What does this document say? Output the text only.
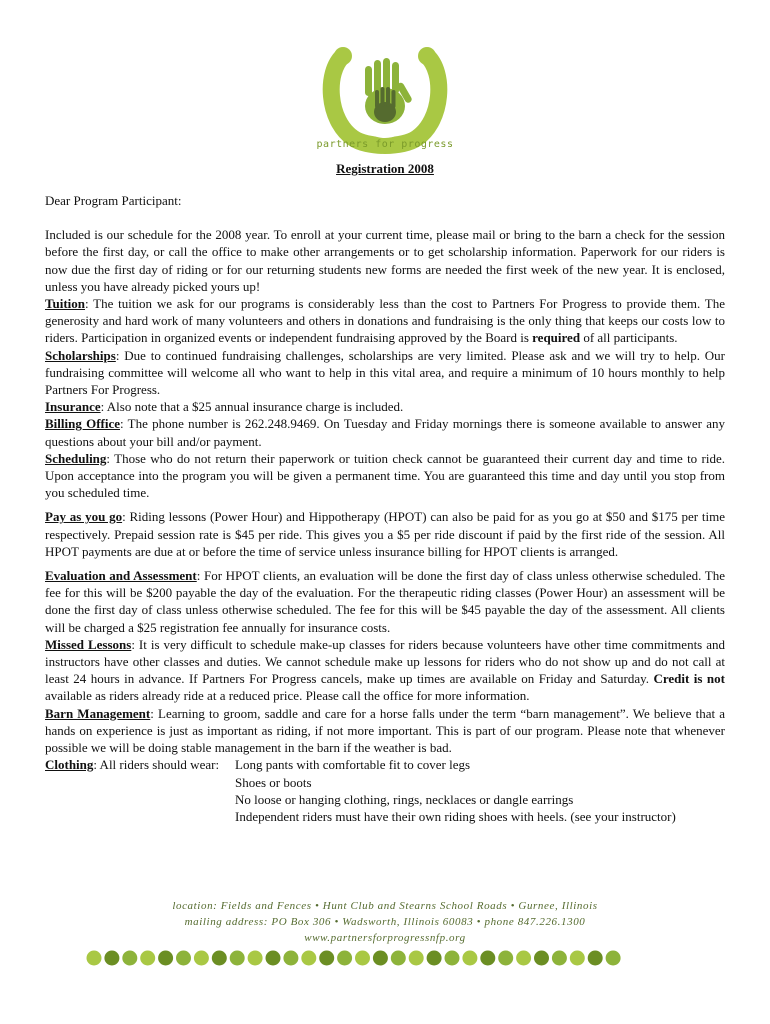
partners for progress
Registration 2008

Dear Program Participant:

Included is our schedule for the 2008 year. To enroll at your current time, please mail or bring to the barn a check for the session before the first day, or call the office to make other arrangements or to get scholarship information. Paperwork for our riders is now due the first day of riding or for our returning students new forms are needed the first week of the new year. It is enclosed, unless you have already picked yours up!

Tuition: The tuition we ask for our programs is considerably less than the cost to Partners For Progress to provide them. The generosity and hard work of many volunteers and others in donations and fundraising is the only thing that keeps our costs low to riders. Participation in organized events or independent fundraising approved by the Board is required of all participants.

Scholarships: Due to continued fundraising challenges, scholarships are very limited. Please ask and we will try to help. Our fundraising committee will welcome all who want to help in this vital area, and require a minimum of 10 hours monthly to help Partners For Progress.

Insurance: Also note that a $25 annual insurance charge is included.

Billing Office: The phone number is 262.248.9469. On Tuesday and Friday mornings there is someone available to answer any questions about your bill and/or payment.

Scheduling: Those who do not return their paperwork or tuition check cannot be guaranteed their current day and time to ride. Upon acceptance into the program you will be given a permanent time. You are guaranteed this time and day until you stop from you scheduled time.

Pay as you go: Riding lessons (Power Hour) and Hippotherapy (HPOT) can also be paid for as you go at $50 and $175 per time respectively. Prepaid session rate is $45 per ride. This gives you a $5 per ride discount if paid by the first ride of the session. All HPOT payments are due at or before the time of service unless insurance billing for HPOT clients is arranged.

Evaluation and Assessment: For HPOT clients, an evaluation will be done the first day of class unless otherwise scheduled. The fee for this will be $200 payable the day of the evaluation. For the therapeutic riding classes (Power Hour) an assessment will be done the first day of class unless otherwise scheduled. The fee for this will be $45 payable the day of the assessment. All clients will be charged a $25 registration fee annually for insurance costs.

Missed Lessons: It is very difficult to schedule make-up classes for riders because volunteers have other time commitments and instructors have other classes and duties. We cannot schedule make up lessons for riders who do not show up and do not call at least 24 hours in advance. If Partners For Progress cancels, make up times are available on Friday and Saturday. Credit is not available as riders already ride at a reduced price. Please call the office for more information.

Barn Management: Learning to groom, saddle and care for a horse falls under the term “barn management”. We believe that a hands on experience is just as important as riding, if not more important. This is part of our program. Please note that whenever possible we will be doing stable management in the barn if the weather is bad.

Clothing: All riders should wear:	Long pants with comfortable fit to cover legs
Shoes or boots
No loose or hanging clothing, rings, necklaces or dangle earrings
Independent riders must have their own riding shoes with heels. (see your instructor)
location: Fields and Fences • Hunt Club and Stearns School Roads • Gurnee, Illinois
mailing address: PO Box 306 • Wadsworth, Illinois 60083 • phone 847.226.1300
www.partnersforprogressnfp.org
